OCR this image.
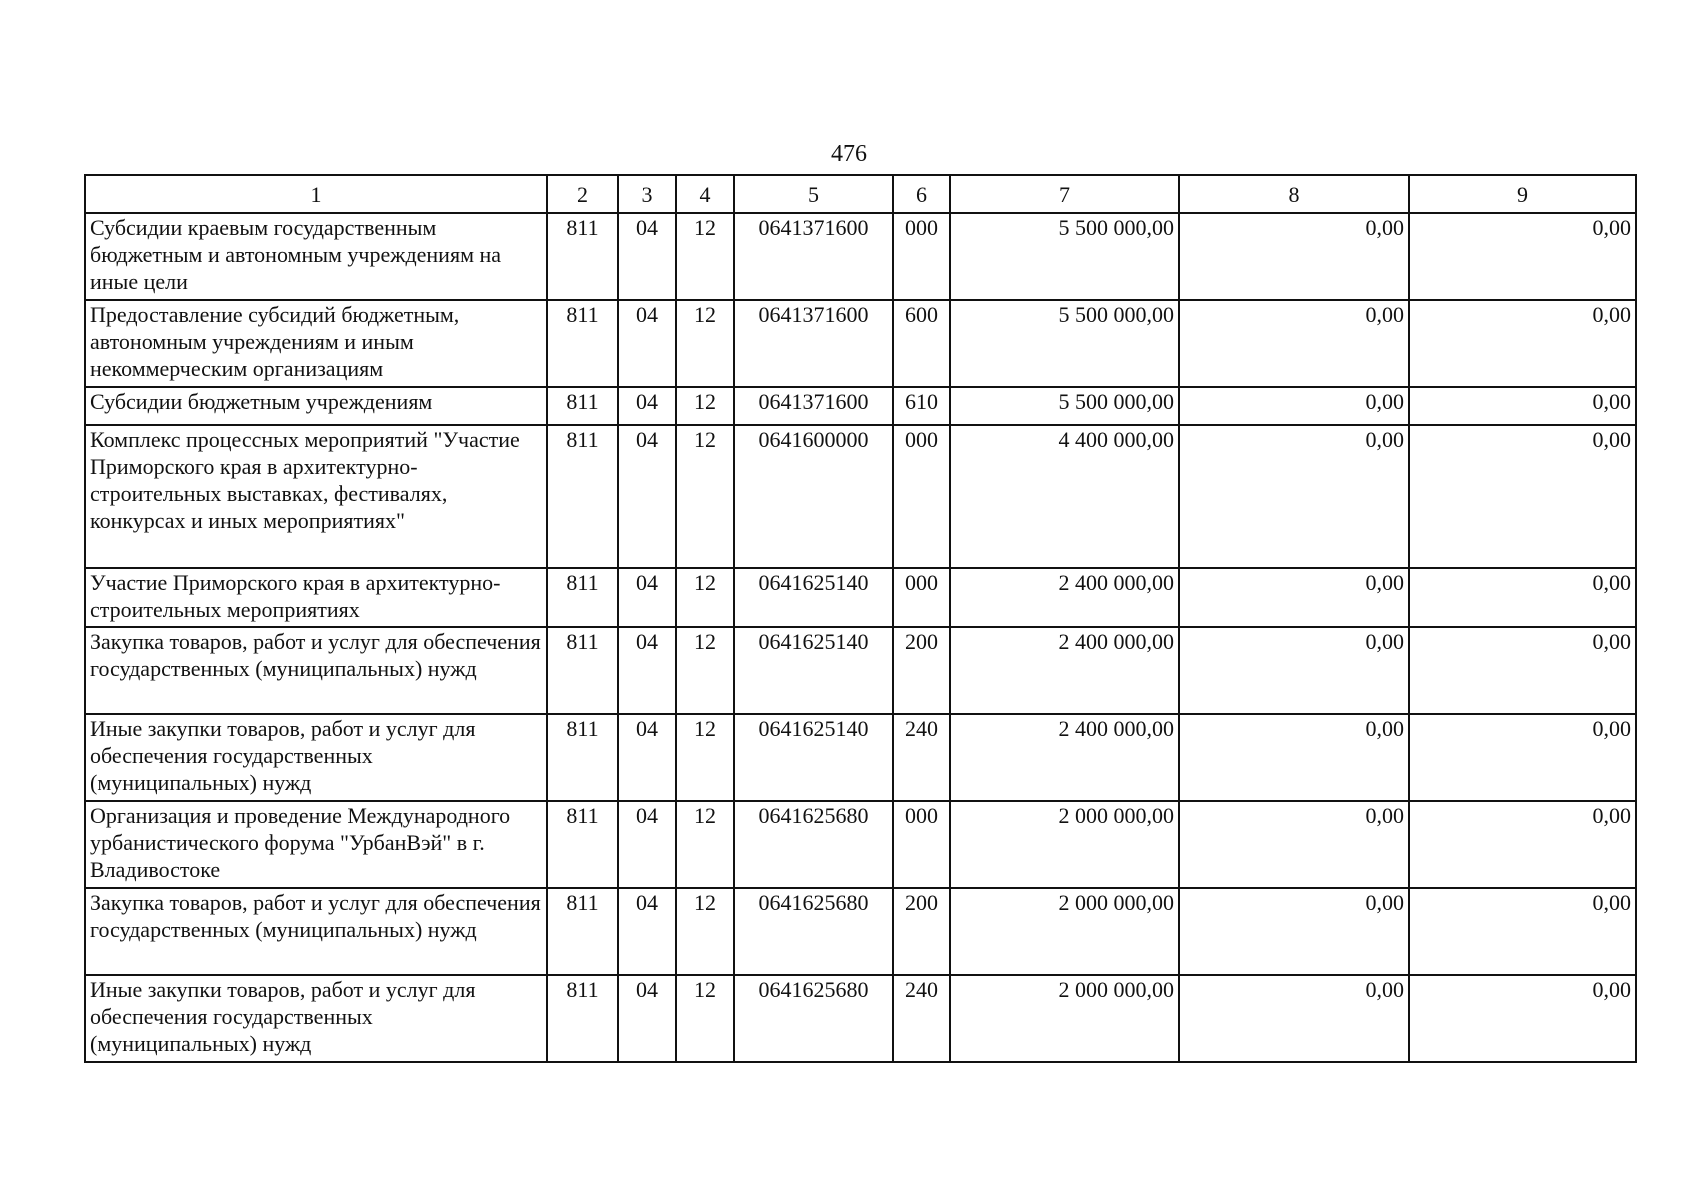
476
1	2	3	4	5	6	7	8	9
Субсидии краевым государственным бюджетным и автономным учреждениям на иные цели	811	04	12	0641371600	000	5 500 000,00	0,00	0,00
Предоставление субсидий бюджетным, автономным учреждениям и иным некоммерческим организациям	811	04	12	0641371600	600	5 500 000,00	0,00	0,00
Субсидии бюджетным учреждениям	811	04	12	0641371600	610	5 500 000,00	0,00	0,00
Комплекс процессных мероприятий "Участие Приморского края в архитектурно-строительных выставках, фестивалях, конкурсах и иных мероприятиях"	811	04	12	0641600000	000	4 400 000,00	0,00	0,00
Участие Приморского края в архитектурно-строительных мероприятиях	811	04	12	0641625140	000	2 400 000,00	0,00	0,00
Закупка товаров, работ и услуг для обеспечения государственных (муниципальных) нужд	811	04	12	0641625140	200	2 400 000,00	0,00	0,00
Иные закупки товаров, работ и услуг для обеспечения государственных (муниципальных) нужд	811	04	12	0641625140	240	2 400 000,00	0,00	0,00
Организация и проведение Международного урбанистического форума "УрбанВэй" в г. Владивостоке	811	04	12	0641625680	000	2 000 000,00	0,00	0,00
Закупка товаров, работ и услуг для обеспечения государственных (муниципальных) нужд	811	04	12	0641625680	200	2 000 000,00	0,00	0,00
Иные закупки товаров, работ и услуг для обеспечения государственных (муниципальных) нужд	811	04	12	0641625680	240	2 000 000,00	0,00	0,00
